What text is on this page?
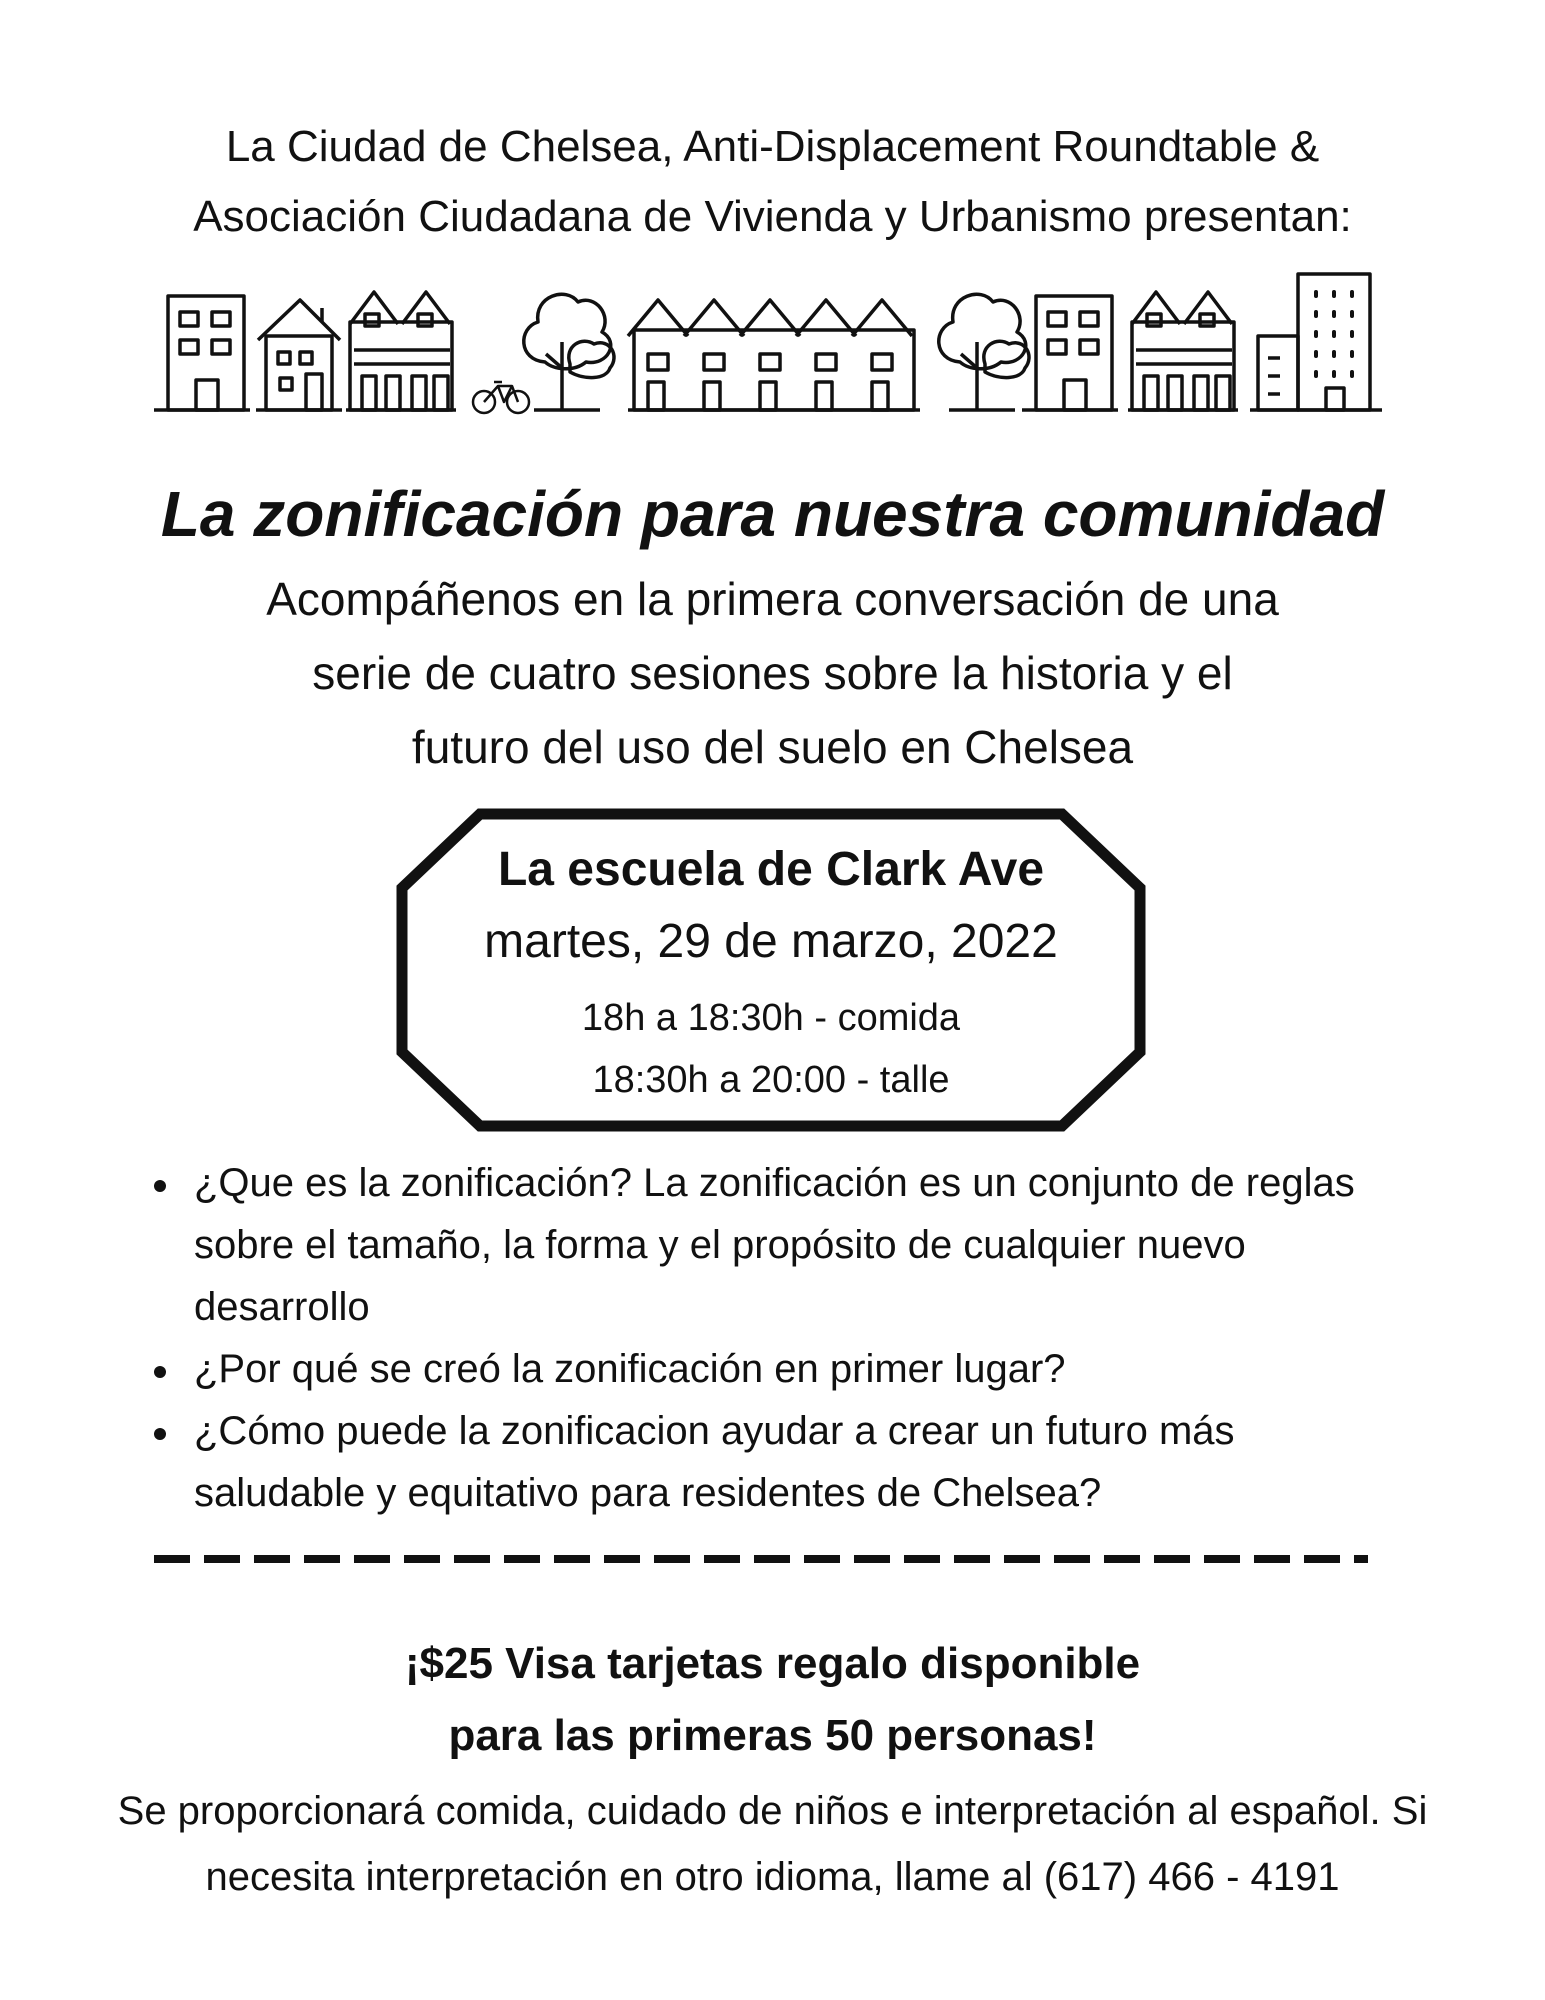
La Ciudad de Chelsea, Anti-Displacement Roundtable &
Asociación Ciudadana de Vivienda y Urbanismo presentan:
La zonificación para nuestra comunidad
Acompáñenos en la primera conversación de una
serie de cuatro sesiones sobre la historia y el
futuro del uso del suelo en Chelsea
La escuela de Clark Ave
martes, 29 de marzo, 2022
18h a 18:30h - comida
18:30h a 20:00 - talle
¿Que es la zonificación? La zonificación es un conjunto de reglas sobre el tamaño, la forma y el propósito de cualquier nuevo desarrollo
¿Por qué se creó la zonificación en primer lugar?
¿Cómo puede la zonificacion ayudar a crear un futuro más saludable y equitativo para residentes de Chelsea?
¡$25 Visa tarjetas regalo disponible
para las primeras 50 personas!
Se proporcionará comida, cuidado de niños e interpretación al español. Si
necesita interpretación en otro idioma, llame al (617) 466 - 4191
